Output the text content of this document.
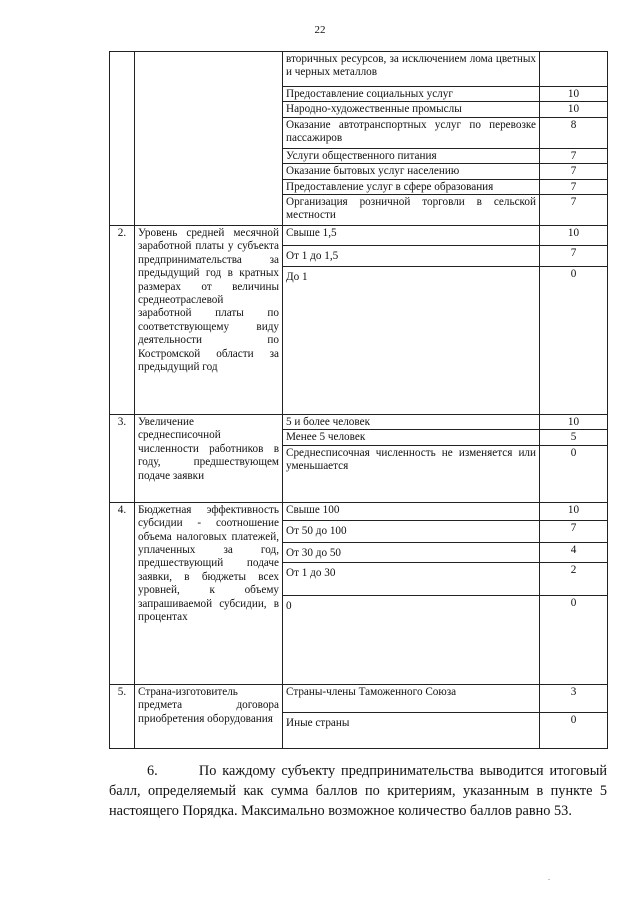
22
		вторичных ресурсов, за исключением лома цветных и черных металлов	
		Предоставление социальных услуг	10
		Народно-художественные промыслы	10
		Оказание автотранспортных услуг по перевозке пассажиров	8
		Услуги общественного питания	7
		Оказание бытовых услуг населению	7
		Предоставление услуг в сфере образования	7
		Организация розничной торговли в сельской местности	7
2.	Уровень средней месячной заработной платы у субъекта предпринимательства за предыдущий год в кратных размерах от величины среднеотраслевой заработной платы по соответствующему виду деятельности по Костромской области за предыдущий год	Свыше 1,5	10
		От 1 до 1,5	7
		До 1	0
3.	Увеличение среднесписочной численности работников в году, предшествующем подаче заявки	5 и более человек	10
		Менее 5 человек	5
		Среднесписочная численность не изменяется или уменьшается	0
4.	Бюджетная эффективность субсидии - соотношение объема налоговых платежей, уплаченных за год, предшествующий подаче заявки, в бюджеты всех уровней, к объему запрашиваемой субсидии, в процентах	Свыше 100	10
		От 50 до 100	7
		От 30 до 50	4
		От 1 до 30	2
		0	0
5.	Страна-изготовитель предмета договора приобретения оборудования	Страны-члены Таможенного Союза	3
		Иные страны	0
6.	По каждому субъекту предпринимательства выводится итоговый балл, определяемый как сумма баллов по критериям, указанным в пункте 5 настоящего Порядка. Максимально возможное количество баллов равно 53.
.
